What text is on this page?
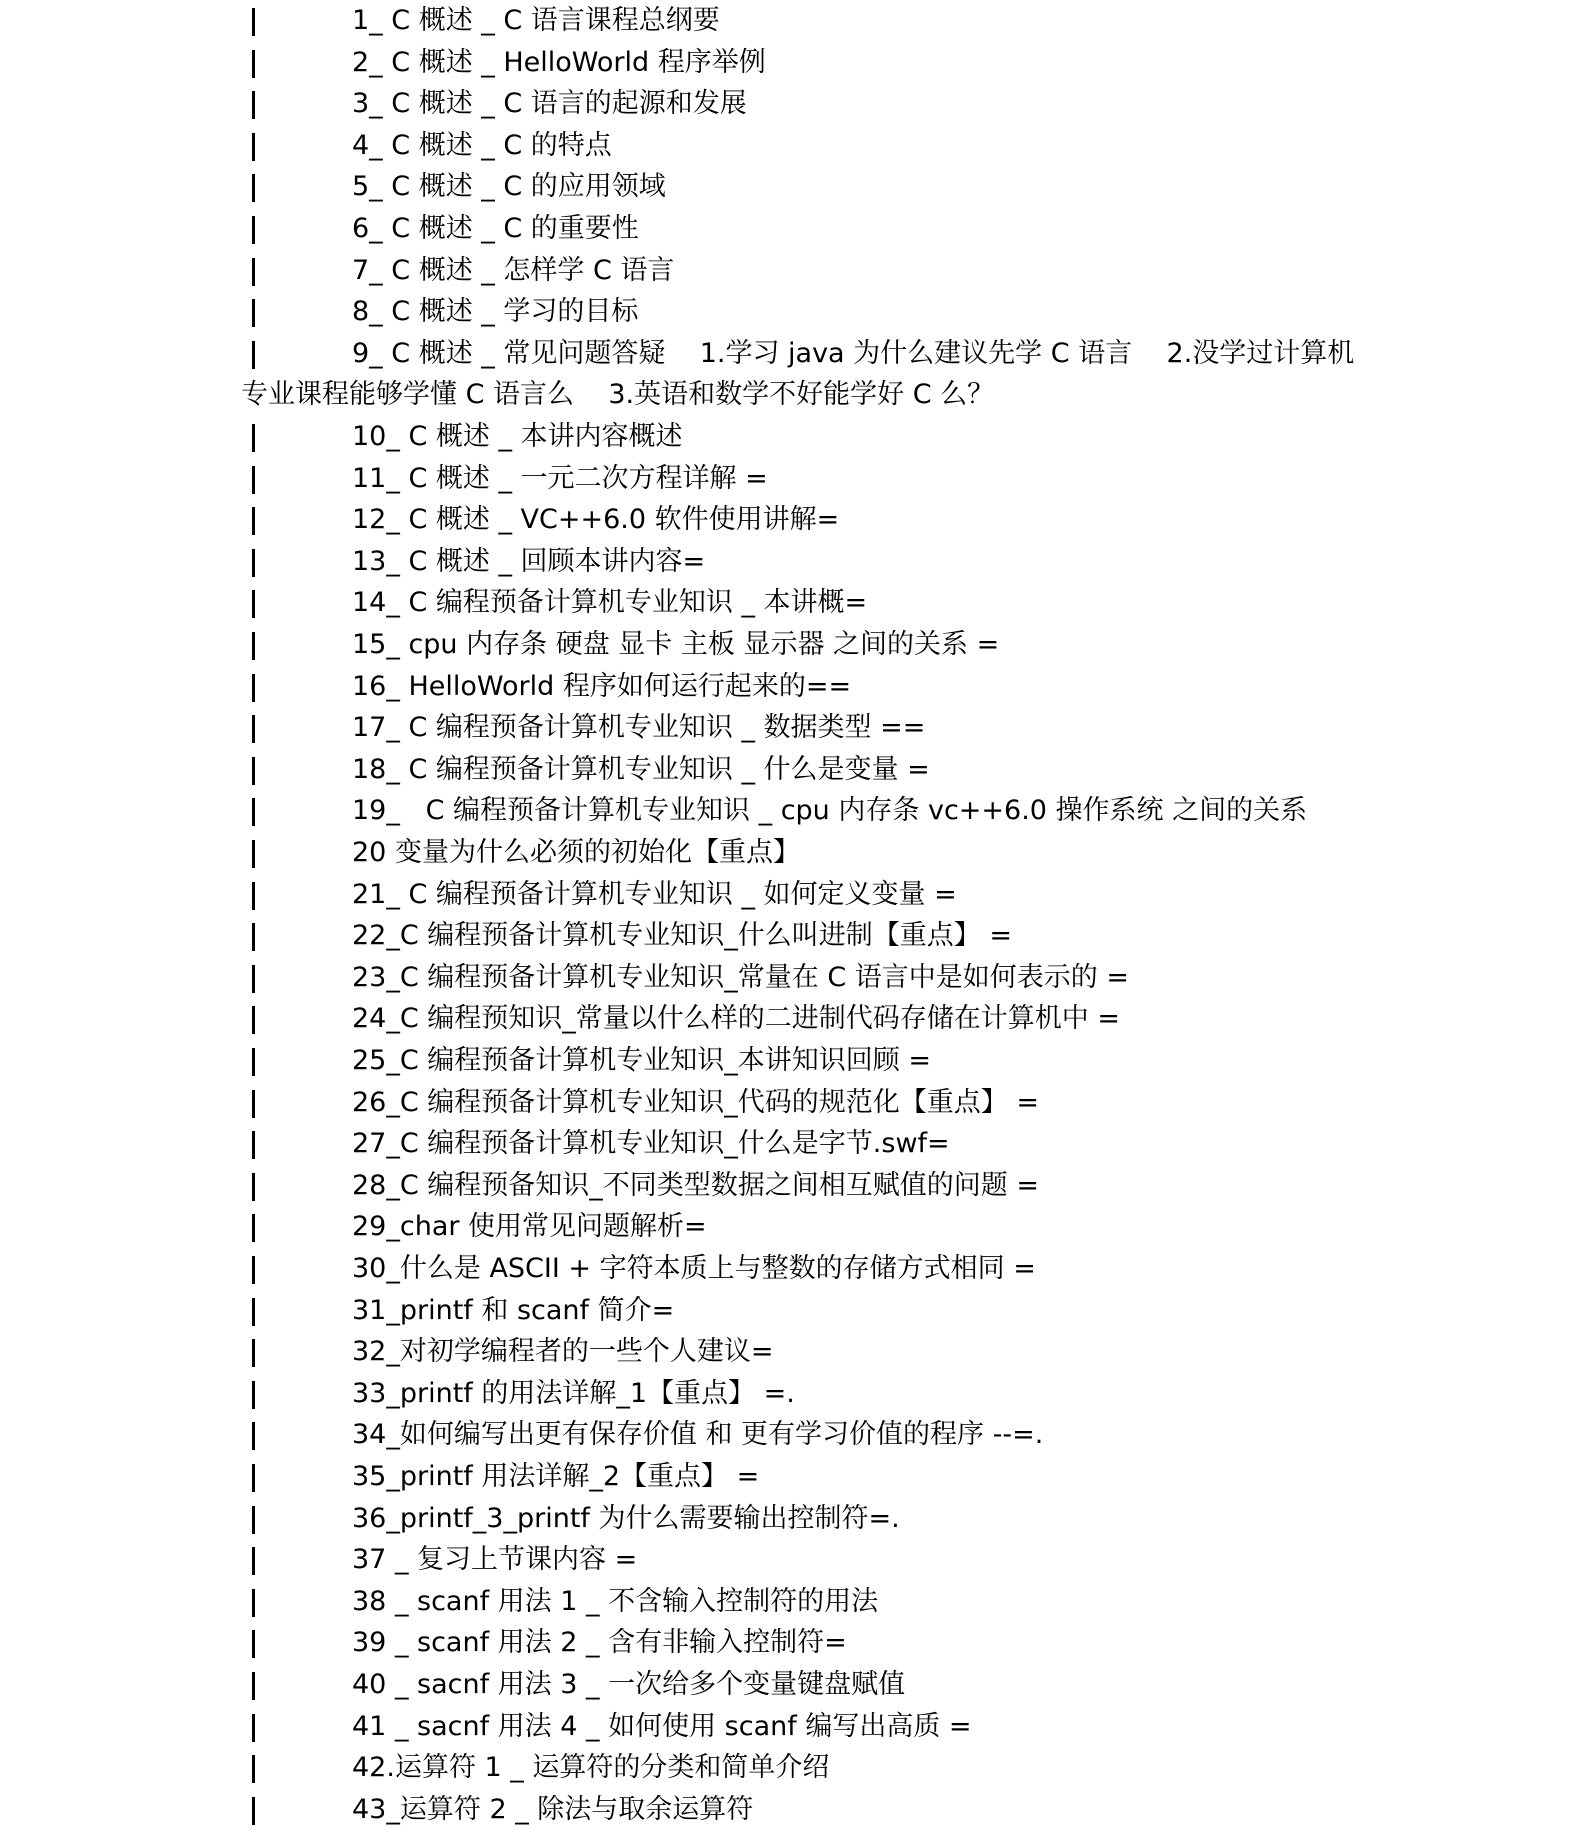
1_ C 概述 _ C 语言课程总纲要
2_ C 概述 _ HelloWorld 程序举例
3_ C 概述 _ C 语言的起源和发展
4_ C 概述 _ C 的特点
5_ C 概述 _ C 的应用领域
6_ C 概述 _ C 的重要性
7_ C 概述 _ 怎样学 C 语言
8_ C 概述 _ 学习的目标
9_ C 概述 _ 常见问题答疑    1.学习 java 为什么建议先学 C 语言    2.没学过计算机
专业课程能够学懂 C 语言么    3.英语和数学不好能学好 C 么？
10_ C 概述 _ 本讲内容概述
11_ C 概述 _ 一元二次方程详解 =
12_ C 概述 _ VC++6.0 软件使用讲解=
13_ C 概述 _ 回顾本讲内容=
14_ C 编程预备计算机专业知识 _ 本讲概=
15_ cpu 内存条 硬盘 显卡 主板 显示器 之间的关系 =
16_ HelloWorld 程序如何运行起来的==
17_ C 编程预备计算机专业知识 _ 数据类型 ==
18_ C 编程预备计算机专业知识 _ 什么是变量 =
19_   C 编程预备计算机专业知识 _ cpu 内存条 vc++6.0 操作系统 之间的关系
20 变量为什么必须的初始化【重点】
21_ C 编程预备计算机专业知识 _ 如何定义变量 =
22_C 编程预备计算机专业知识_什么叫进制【重点】 =
23_C 编程预备计算机专业知识_常量在 C 语言中是如何表示的 =
24_C 编程预知识_常量以什么样的二进制代码存储在计算机中 =
25_C 编程预备计算机专业知识_本讲知识回顾 =
26_C 编程预备计算机专业知识_代码的规范化【重点】 =
27_C 编程预备计算机专业知识_什么是字节.swf=
28_C 编程预备知识_不同类型数据之间相互赋值的问题 =
29_char 使用常见问题解析=
30_什么是 ASCII + 字符本质上与整数的存储方式相同 =
31_printf 和 scanf 简介=
32_对初学编程者的一些个人建议=
33_printf 的用法详解_1【重点】 =.
34_如何编写出更有保存价值 和 更有学习价值的程序 --=.
35_printf 用法详解_2【重点】 =
36_printf_3_printf 为什么需要输出控制符=.
37 _ 复习上节课内容 =
38 _ scanf 用法 1 _ 不含输入控制符的用法
39 _ scanf 用法 2 _ 含有非输入控制符=
40 _ sacnf 用法 3 _ 一次给多个变量键盘赋值
41 _ sacnf 用法 4 _ 如何使用 scanf 编写出高质 =
42.运算符 1 _ 运算符的分类和简单介绍
43_运算符 2 _ 除法与取余运算符
